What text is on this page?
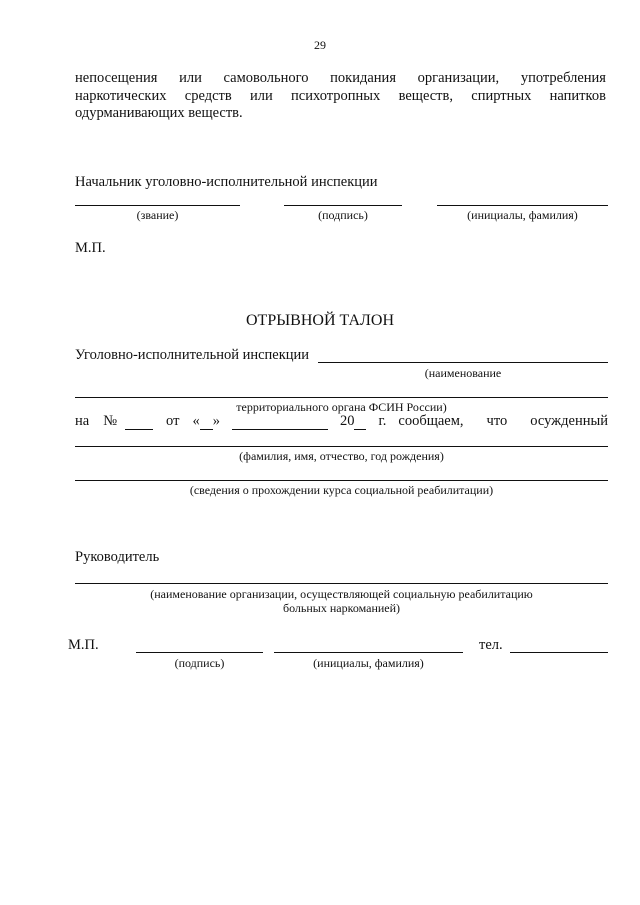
29
непосещения или самовольного покидания организации, употребления
наркотических средств или психотропных веществ, спиртных напитков
одурманивающих веществ.
Начальник уголовно-исполнительной инспекции
(звание)	(подпись)	(инициалы, фамилия)
М.П.
ОТРЫВНОЙ ТАЛОН
Уголовно-исполнительной инспекции
(наименование
территориального органа ФСИН России)
на №	от « »	20 г. сообщаем, что осужденный
(фамилия, имя, отчество, год рождения)
(сведения о прохождении курса социальной реабилитации)
Руководитель
(наименование организации, осуществляющей социальную реабилитацию
больных наркоманией)
М.П.	тел.
(подпись)	(инициалы, фамилия)
